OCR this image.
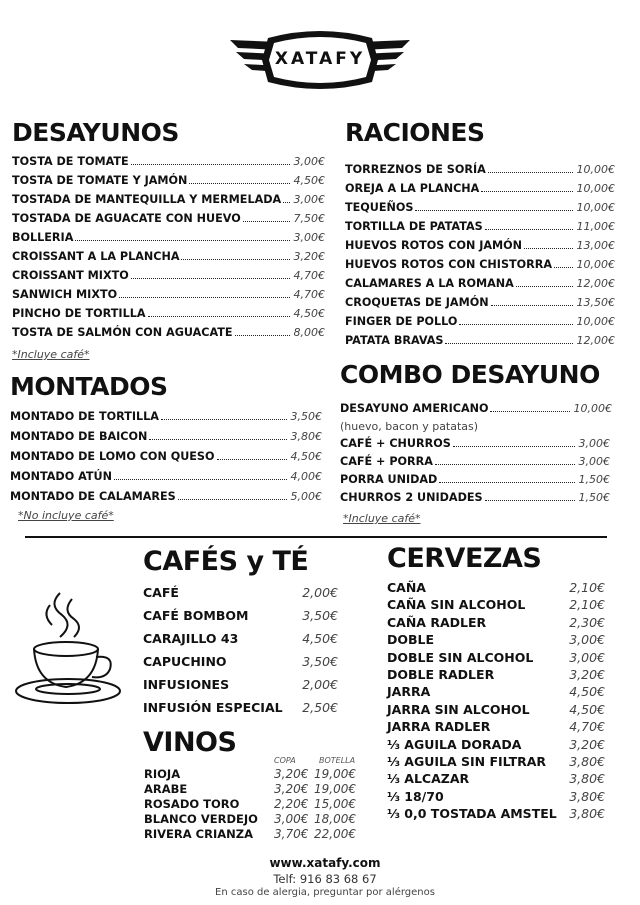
XATAFY
DESAYUNOS
TOSTA DE TOMATE	3,00€
TOSTA DE TOMATE Y JAMÓN	4,50€
TOSTADA DE MANTEQUILLA Y MERMELADA 3,00€
TOSTADA DE AGUACATE CON HUEVO	7,50€
BOLLERIA	3,00€
CROISSANT A LA PLANCHA	3,20€
CROISSANT MIXTO	4,70€
SANWICH MIXTO	4,70€
PINCHO DE TORTILLA	4,50€
TOSTA DE SALMÓN CON AGUACATE	8,00€
*Incluye café*
RACIONES
TORREZNOS DE SORÍA	10,00€
OREJA A LA PLANCHA	10,00€
TEQUEÑOS	10,00€
TORTILLA DE PATATAS	11,00€
HUEVOS ROTOS CON JAMÓN	13,00€
HUEVOS ROTOS CON CHISTORRA 10,00€
CALAMARES A LA ROMANA	12,00€
CROQUETAS DE JAMÓN	13,50€
FINGER DE POLLO	10,00€
PATATA BRAVAS	12,00€
MONTADOS
MONTADO DE TORTILLA	3,50€
MONTADO DE BAICON	3,80€
MONTADO DE LOMO CON QUESO	4,50€
MONTADO ATÚN	4,00€
MONTADO DE CALAMARES	5,00€
*No incluye café*
COMBO DESAYUNO
DESAYUNO AMERICANO	10,00€
(huevo, bacon y patatas)
CAFÉ + CHURROS	3,00€
CAFÉ + PORRA	3,00€
PORRA UNIDAD	1,50€
CHURROS 2 UNIDADES	1,50€
*Incluye café*
CAFÉS y TÉ
CAFÉ	2,00€
CAFÉ BOMBOM	3,50€
CARAJILLO 43	4,50€
CAPUCHINO	3,50€
INFUSIONES	2,00€
INFUSIÓN ESPECIAL 2,50€
CERVEZAS
CAÑA	2,10€
CAÑA SIN ALCOHOL	2,10€
CAÑA RADLER	2,30€
DOBLE	3,00€
DOBLE SIN ALCOHOL	3,00€
DOBLE RADLER	3,20€
JARRA	4,50€
JARRA SIN ALCOHOL	4,50€
JARRA RADLER	4,70€
⅓ AGUILA DORADA	3,20€
⅓ AGUILA SIN FILTRAR 3,80€
⅓ ALCAZAR	3,80€
⅓ 18/70	3,80€
⅓ 0,0 TOSTADA AMSTEL 3,80€
VINOS
COPA	BOTELLA
RIOJA	3,20€ 19,00€
ARABE	3,20€ 19,00€
ROSADO TORO	2,20€ 15,00€
BLANCO VERDEJO	3,00€ 18,00€
RIVERA CRIANZA	3,70€ 22,00€
www.xatafy.com
Telf: 916 83 68 67
En caso de alergia, preguntar por alérgenos
